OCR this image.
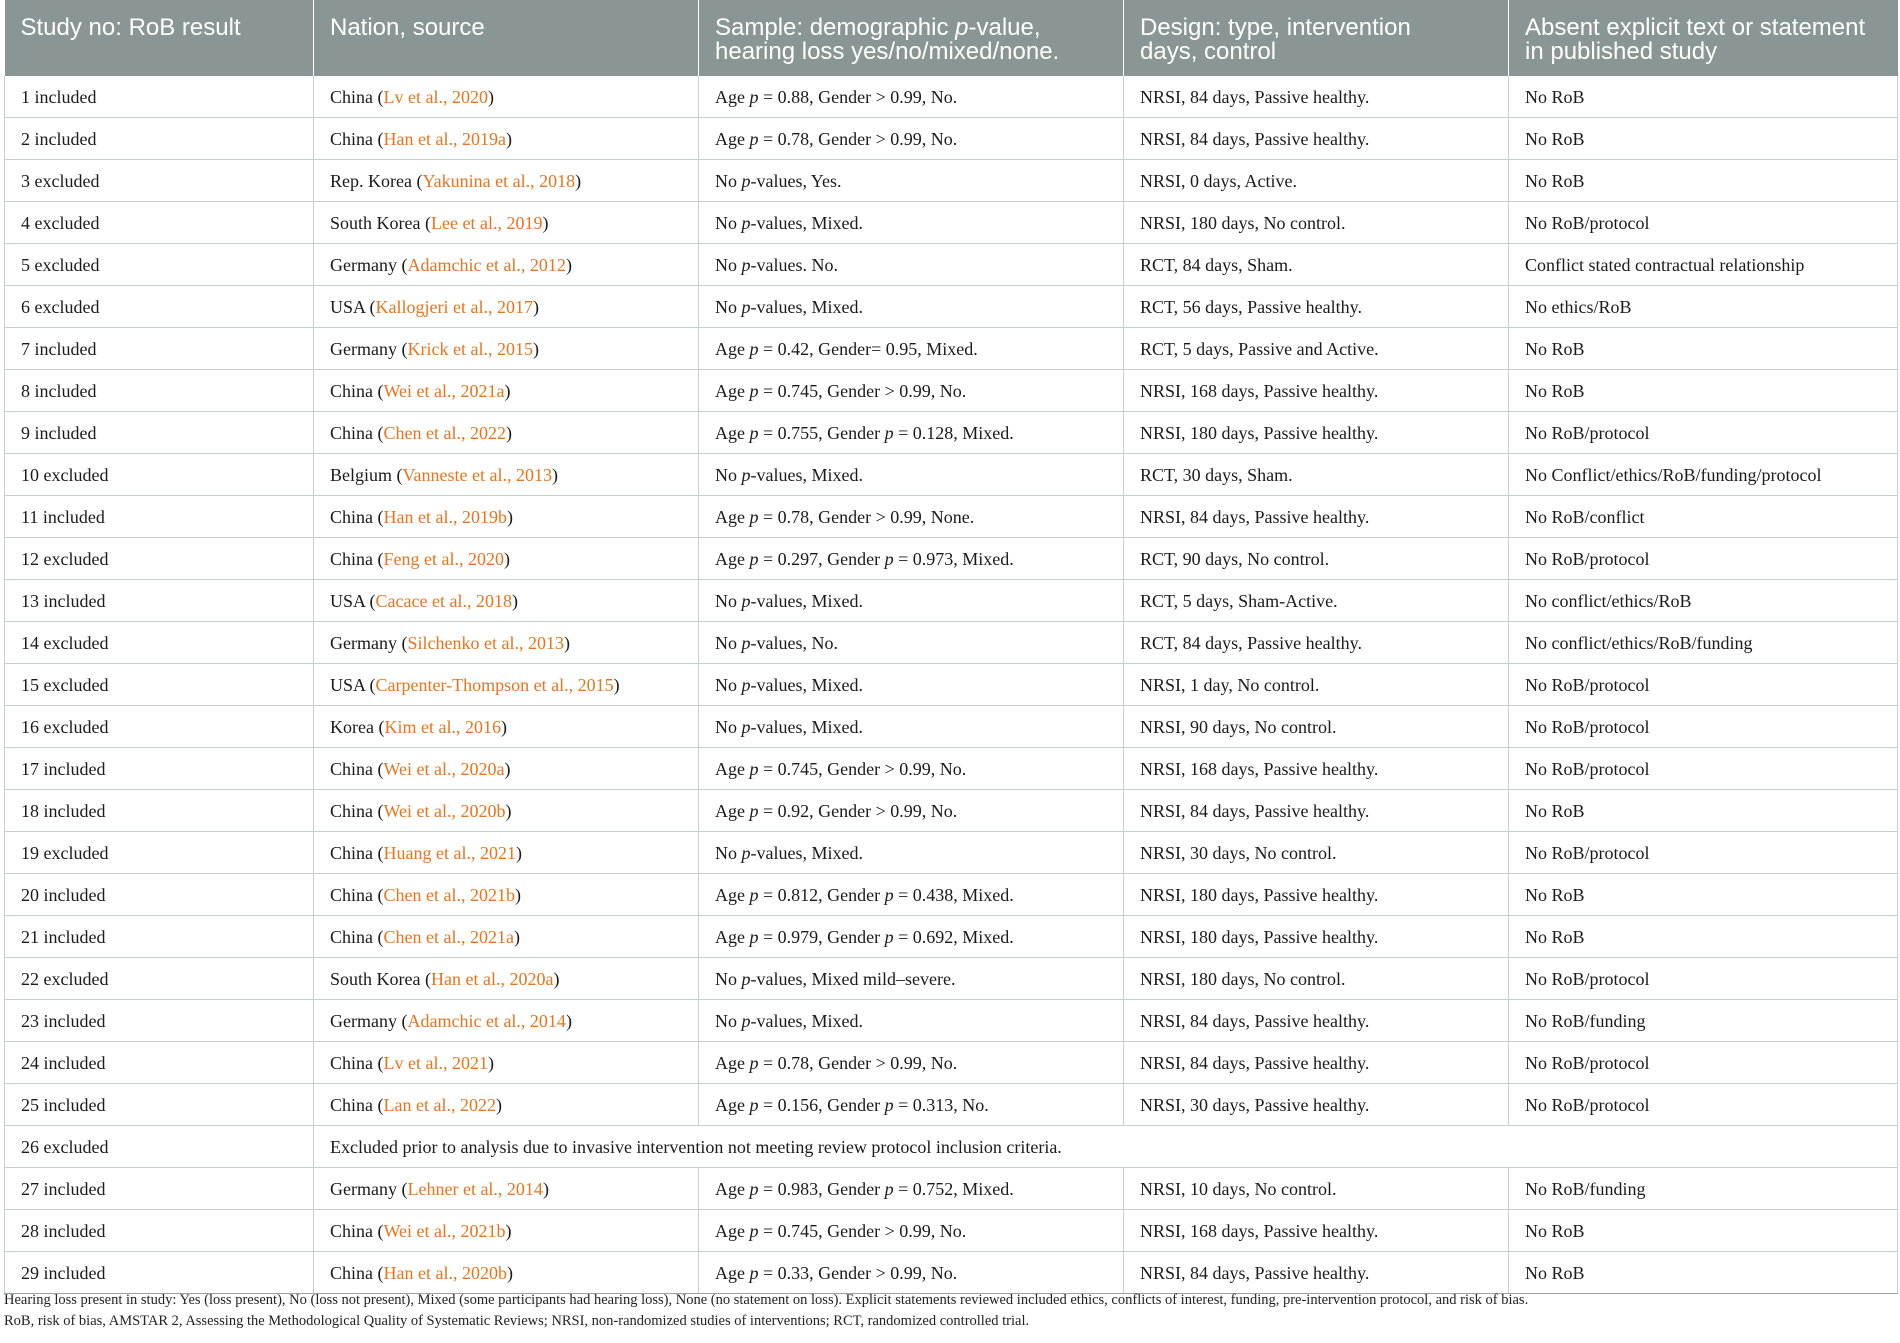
Study no: RoB result	Nation, source	Sample: demographic p-value,
hearing loss yes/no/mixed/none.	Design: type, intervention
days, control	Absent explicit text or statement
in published study
1 included	China (Lv et al., 2020)	Age p = 0.88, Gender > 0.99, No.	NRSI, 84 days, Passive healthy.	No RoB
2 included	China (Han et al., 2019a)	Age p = 0.78, Gender > 0.99, No.	NRSI, 84 days, Passive healthy.	No RoB
3 excluded	Rep. Korea (Yakunina et al., 2018)	No p-values, Yes.	NRSI, 0 days, Active.	No RoB
4 excluded	South Korea (Lee et al., 2019)	No p-values, Mixed.	NRSI, 180 days, No control.	No RoB/protocol
5 excluded	Germany (Adamchic et al., 2012)	No p-values. No.	RCT, 84 days, Sham.	Conflict stated contractual relationship
6 excluded	USA (Kallogjeri et al., 2017)	No p-values, Mixed.	RCT, 56 days, Passive healthy.	No ethics/RoB
7 included	Germany (Krick et al., 2015)	Age p = 0.42, Gender= 0.95, Mixed.	RCT, 5 days, Passive and Active.	No RoB
8 included	China (Wei et al., 2021a)	Age p = 0.745, Gender > 0.99, No.	NRSI, 168 days, Passive healthy.	No RoB
9 included	China (Chen et al., 2022)	Age p = 0.755, Gender p = 0.128, Mixed.	NRSI, 180 days, Passive healthy.	No RoB/protocol
10 excluded	Belgium (Vanneste et al., 2013)	No p-values, Mixed.	RCT, 30 days, Sham.	No Conflict/ethics/RoB/funding/protocol
11 included	China (Han et al., 2019b)	Age p = 0.78, Gender > 0.99, None.	NRSI, 84 days, Passive healthy.	No RoB/conflict
12 excluded	China (Feng et al., 2020)	Age p = 0.297, Gender p = 0.973, Mixed.	RCT, 90 days, No control.	No RoB/protocol
13 included	USA (Cacace et al., 2018)	No p-values, Mixed.	RCT, 5 days, Sham-Active.	No conflict/ethics/RoB
14 excluded	Germany (Silchenko et al., 2013)	No p-values, No.	RCT, 84 days, Passive healthy.	No conflict/ethics/RoB/funding
15 excluded	USA (Carpenter-Thompson et al., 2015)	No p-values, Mixed.	NRSI, 1 day, No control.	No RoB/protocol
16 excluded	Korea (Kim et al., 2016)	No p-values, Mixed.	NRSI, 90 days, No control.	No RoB/protocol
17 included	China (Wei et al., 2020a)	Age p = 0.745, Gender > 0.99, No.	NRSI, 168 days, Passive healthy.	No RoB/protocol
18 included	China (Wei et al., 2020b)	Age p = 0.92, Gender > 0.99, No.	NRSI, 84 days, Passive healthy.	No RoB
19 excluded	China (Huang et al., 2021)	No p-values, Mixed.	NRSI, 30 days, No control.	No RoB/protocol
20 included	China (Chen et al., 2021b)	Age p = 0.812, Gender p = 0.438, Mixed.	NRSI, 180 days, Passive healthy.	No RoB
21 included	China (Chen et al., 2021a)	Age p = 0.979, Gender p = 0.692, Mixed.	NRSI, 180 days, Passive healthy.	No RoB
22 excluded	South Korea (Han et al., 2020a)	No p-values, Mixed mild–severe.	NRSI, 180 days, No control.	No RoB/protocol
23 included	Germany (Adamchic et al., 2014)	No p-values, Mixed.	NRSI, 84 days, Passive healthy.	No RoB/funding
24 included	China (Lv et al., 2021)	Age p = 0.78, Gender > 0.99, No.	NRSI, 84 days, Passive healthy.	No RoB/protocol
25 included	China (Lan et al., 2022)	Age p = 0.156, Gender p = 0.313, No.	NRSI, 30 days, Passive healthy.	No RoB/protocol
26 excluded	Excluded prior to analysis due to invasive intervention not meeting review protocol inclusion criteria.			
27 included	Germany (Lehner et al., 2014)	Age p = 0.983, Gender p = 0.752, Mixed.	NRSI, 10 days, No control.	No RoB/funding
28 included	China (Wei et al., 2021b)	Age p = 0.745, Gender > 0.99, No.	NRSI, 168 days, Passive healthy.	No RoB
29 included	China (Han et al., 2020b)	Age p = 0.33, Gender > 0.99, No.	NRSI, 84 days, Passive healthy.	No RoB

Hearing loss present in study: Yes (loss present), No (loss not present), Mixed (some participants had hearing loss), None (no statement on loss). Explicit statements reviewed included ethics, conflicts of interest, funding, pre-intervention protocol, and risk of bias.

RoB, risk of bias, AMSTAR 2, Assessing the Methodological Quality of Systematic Reviews; NRSI, non-randomized studies of interventions; RCT, randomized controlled trial.
